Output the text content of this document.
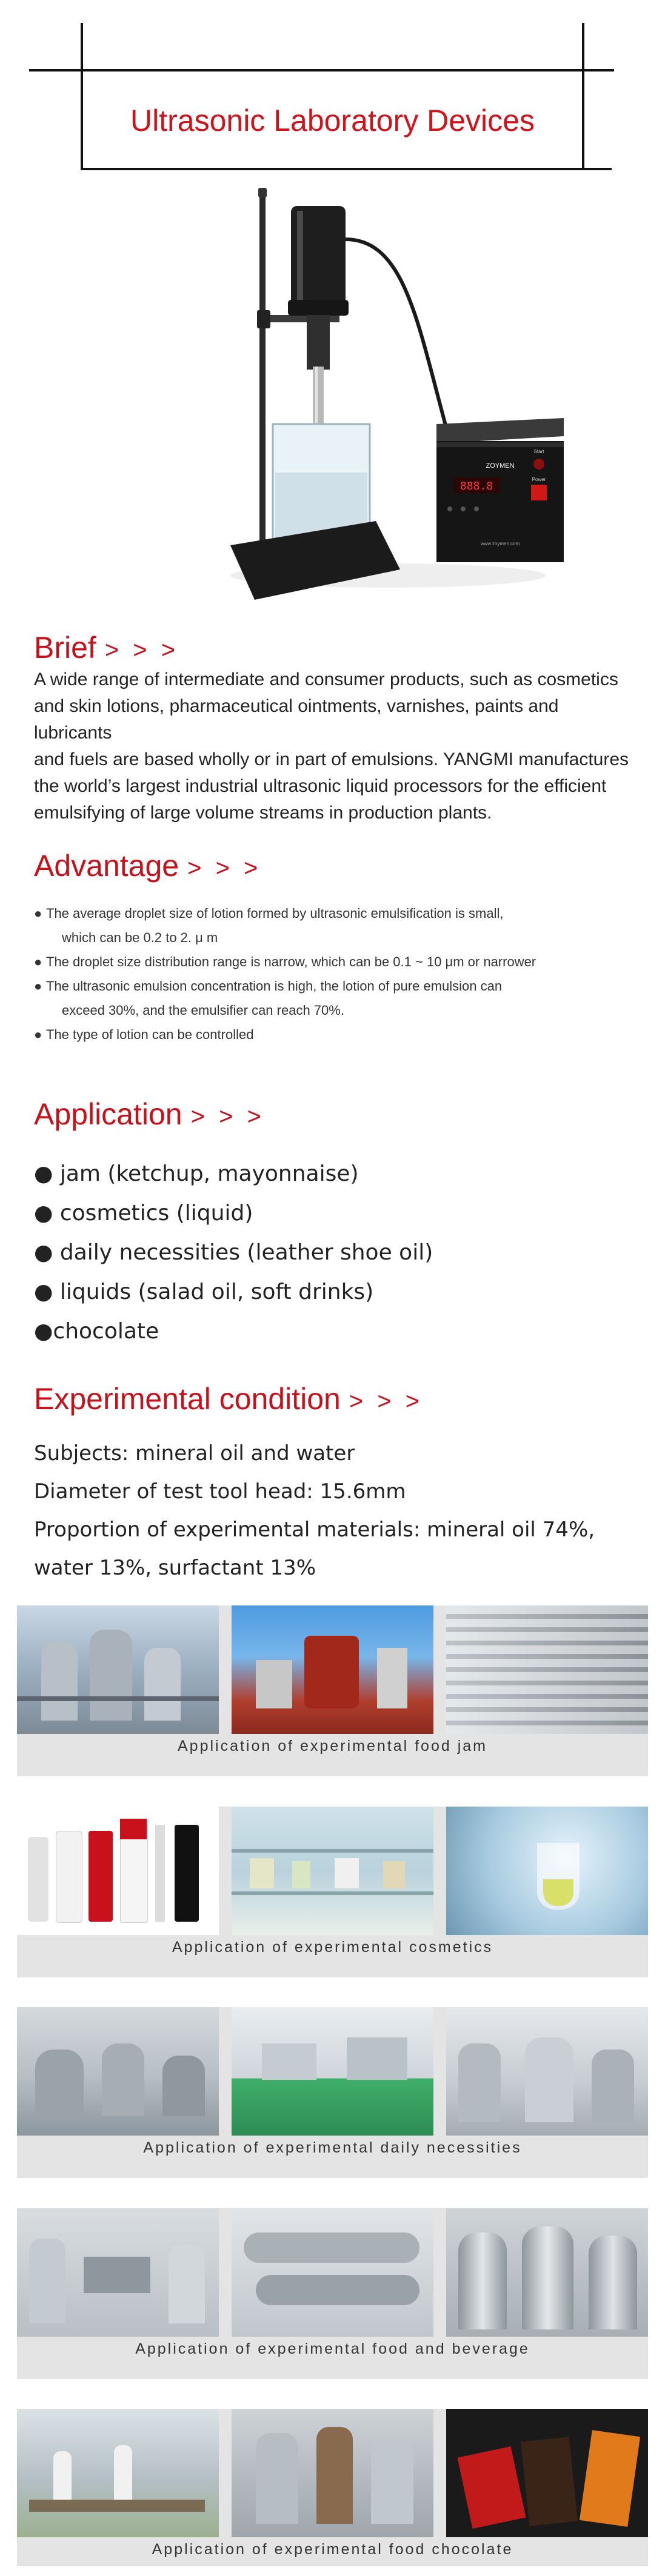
Ultrasonic Laboratory Devices
ZOYMEN
888.8
Start
Power
www.zoymen.com
Brief > > >
A wide range of intermediate and consumer products, such as cosmetics
and skin lotions, pharmaceutical ointments, varnishes, paints and lubricants
and fuels are based wholly or in part of emulsions. YANGMI manufactures
the world’s largest industrial ultrasonic liquid processors for the efficient
emulsifying of large volume streams in production plants.
Advantage > > >
● The average droplet size of lotion formed by ultrasonic emulsification is small,
which can be 0.2 to 2. μ m
● The droplet size distribution range is narrow, which can be 0.1 ~ 10 μm or narrower
● The ultrasonic emulsion concentration is high, the lotion of pure emulsion can
exceed 30%, and the emulsifier can reach 70%.
● The type of lotion can be controlled
Application > > >
● jam (ketchup, mayonnaise)
● cosmetics (liquid)
● daily necessities (leather shoe oil)
● liquids (salad oil, soft drinks)
●chocolate
Experimental condition > > >
Subjects: mineral oil and water
Diameter of test tool head: 15.6mm
Proportion of experimental materials: mineral oil 74%,
water 13%, surfactant 13%
Application of experimental food jam
Application of experimental cosmetics
Application of experimental daily necessities
Application of experimental food and beverage
Application of experimental food chocolate
